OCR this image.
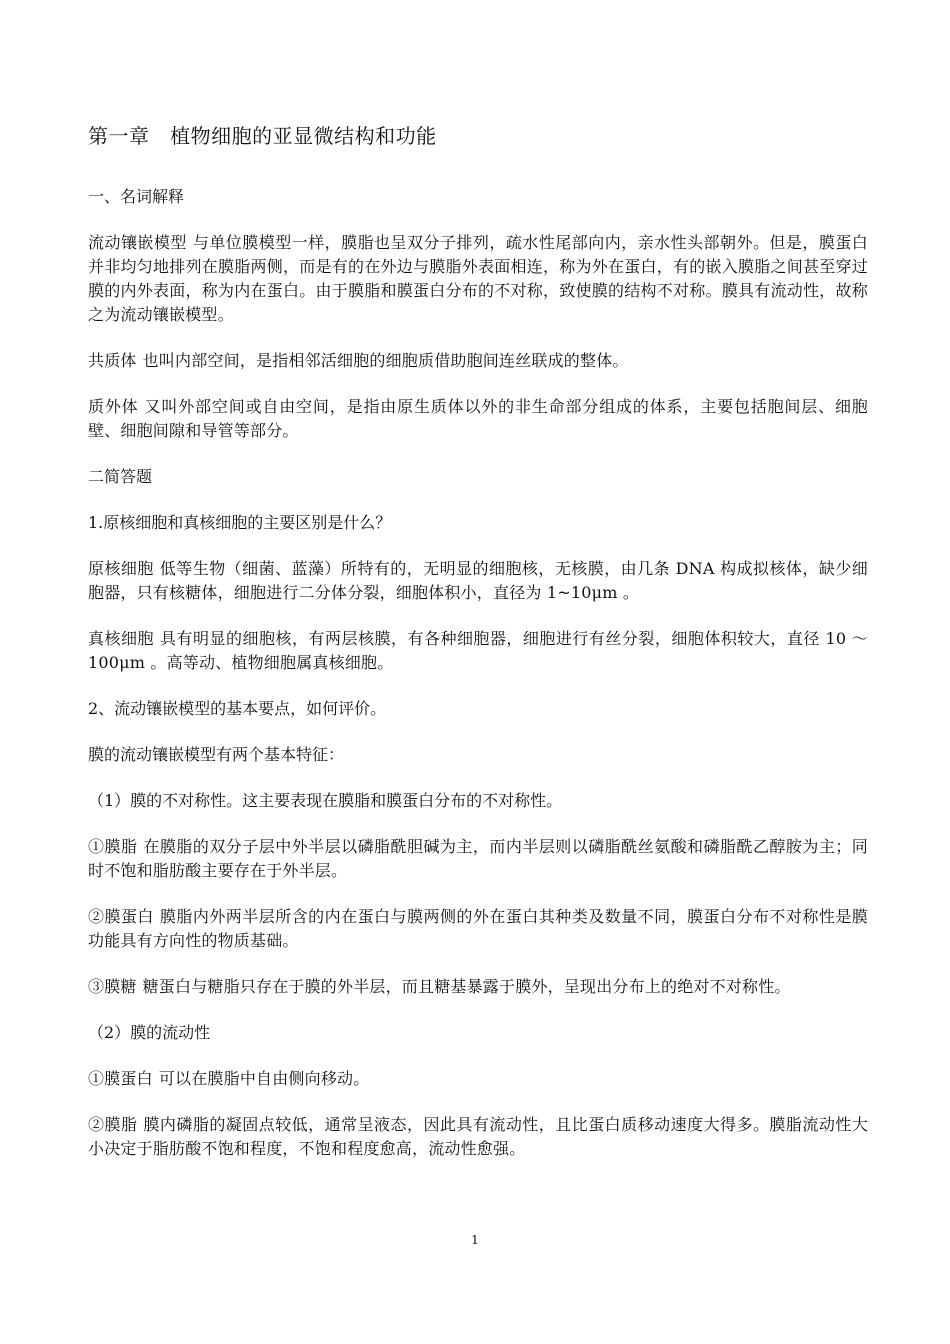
第一章   植物细胞的亚显微结构和功能
一、名词解释
流动镶嵌模型 与单位膜模型一样，膜脂也呈双分子排列，疏水性尾部向内，亲水性头部朝外。但是，膜蛋白并非均匀地排列在膜脂两侧，而是有的在外边与膜脂外表面相连，称为外在蛋白，有的嵌入膜脂之间甚至穿过膜的内外表面，称为内在蛋白。由于膜脂和膜蛋白分布的不对称，致使膜的结构不对称。膜具有流动性，故称之为流动镶嵌模型。
共质体 也叫内部空间，是指相邻活细胞的细胞质借助胞间连丝联成的整体。
质外体 又叫外部空间或自由空间，是指由原生质体以外的非生命部分组成的体系，主要包括胞间层、细胞壁、细胞间隙和导管等部分。
二简答题
1.原核细胞和真核细胞的主要区别是什么？
原核细胞 低等生物（细菌、蓝藻）所特有的，无明显的细胞核，无核膜，由几条 DNA 构成拟核体，缺少细胞器，只有核糖体，细胞进行二分体分裂，细胞体积小，直径为 1~10μm 。
真核细胞 具有明显的细胞核，有两层核膜，有各种细胞器，细胞进行有丝分裂，细胞体积较大，直径 10 ～ 100μm 。高等动、植物细胞属真核细胞。
2、流动镶嵌模型的基本要点，如何评价。
膜的流动镶嵌模型有两个基本特征：
（1）膜的不对称性。这主要表现在膜脂和膜蛋白分布的不对称性。
①膜脂 在膜脂的双分子层中外半层以磷脂酰胆碱为主，而内半层则以磷脂酰丝氨酸和磷脂酰乙醇胺为主；同时不饱和脂肪酸主要存在于外半层。
②膜蛋白 膜脂内外两半层所含的内在蛋白与膜两侧的外在蛋白其种类及数量不同，膜蛋白分布不对称性是膜功能具有方向性的物质基础。
③膜糖 糖蛋白与糖脂只存在于膜的外半层，而且糖基暴露于膜外，呈现出分布上的绝对不对称性。
（2）膜的流动性
①膜蛋白 可以在膜脂中自由侧向移动。
②膜脂 膜内磷脂的凝固点较低，通常呈液态，因此具有流动性，且比蛋白质移动速度大得多。膜脂流动性大小决定于脂肪酸不饱和程度，不饱和程度愈高，流动性愈强。
1
